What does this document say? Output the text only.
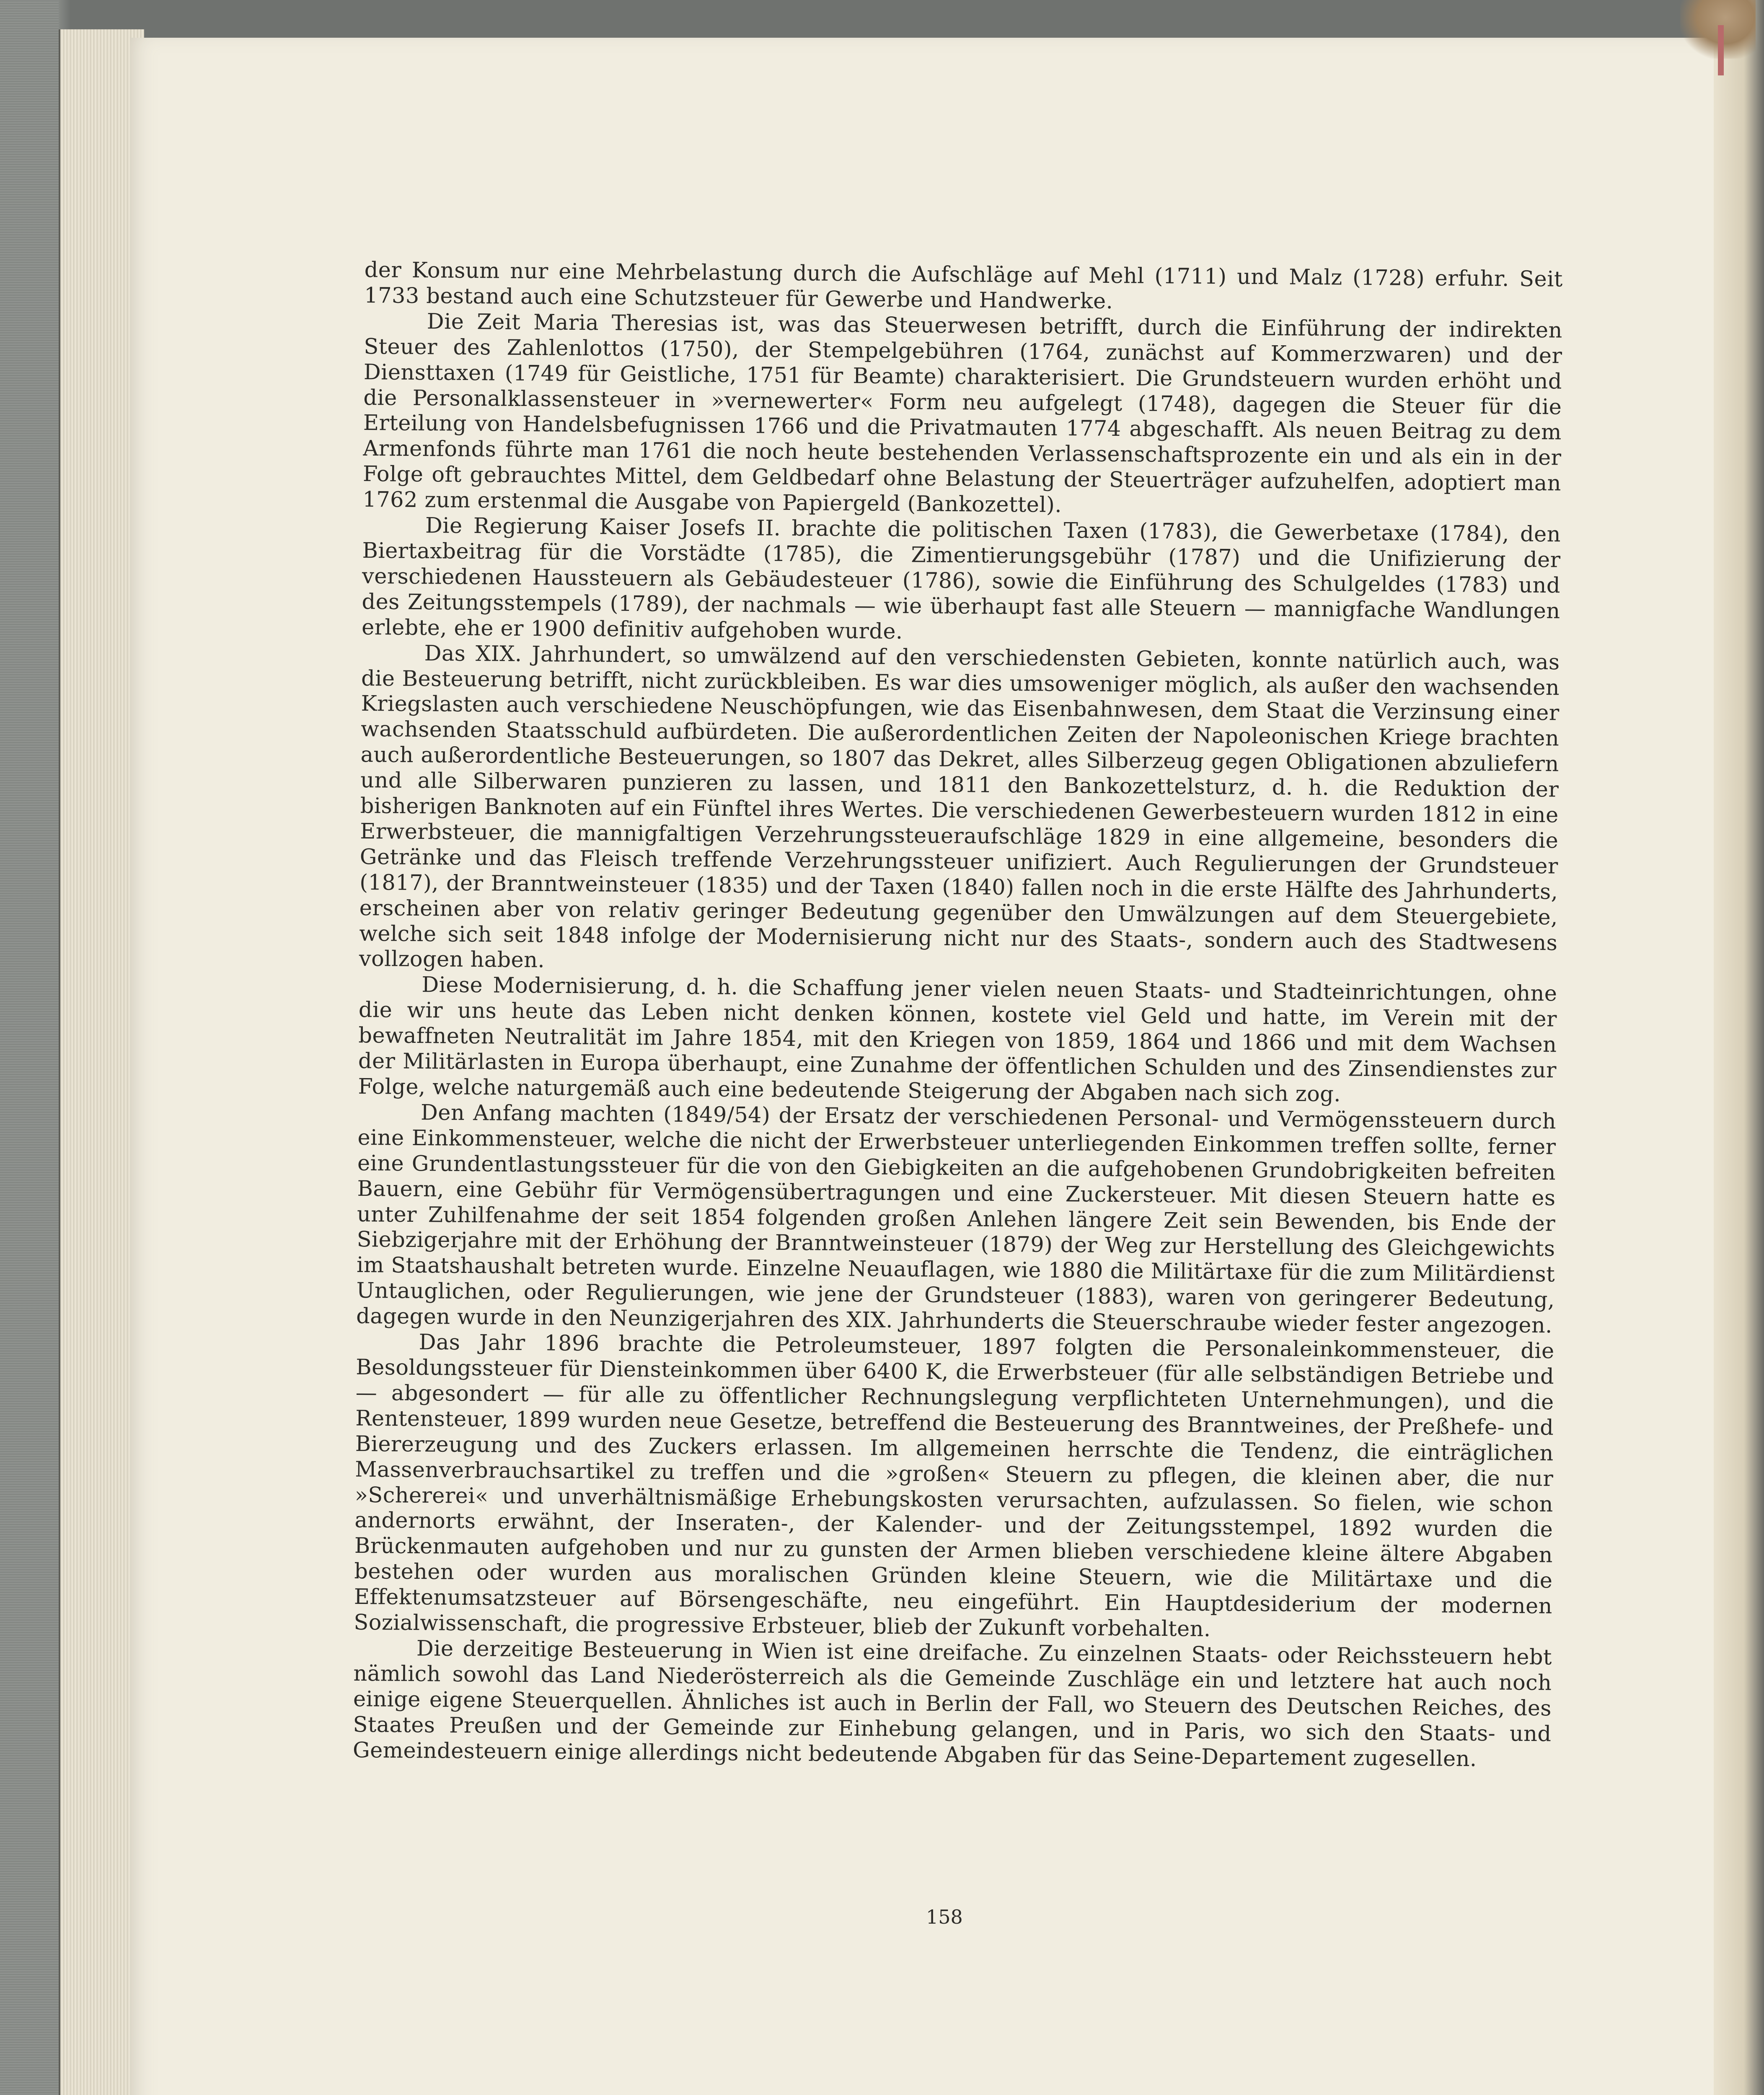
der Konsum nur eine Mehrbelastung durch die Aufschläge auf Mehl (1711) und Malz (1728) erfuhr. Seit 1733 bestand auch eine Schutzsteuer für Gewerbe und Handwerke.

Die Zeit Maria Theresias ist, was das Steuerwesen betrifft, durch die Einführung der indirekten Steuer des Zahlenlottos (1750), der Stempelgebühren (1764, zunächst auf Kommerzwaren) und der Diensttaxen (1749 für Geistliche, 1751 für Beamte) charakterisiert. Die Grundsteuern wurden erhöht und die Personalklassensteuer in »vernewerter« Form neu aufgelegt (1748), dagegen die Steuer für die Erteilung von Handelsbefugnissen 1766 und die Privatmauten 1774 abgeschafft. Als neuen Beitrag zu dem Armenfonds führte man 1761 die noch heute bestehenden Verlassenschaftsprozente ein und als ein in der Folge oft gebrauchtes Mittel, dem Geldbedarf ohne Belastung der Steuerträger aufzuhelfen, adoptiert man 1762 zum erstenmal die Ausgabe von Papiergeld (Bankozettel).

Die Regierung Kaiser Josefs II. brachte die politischen Taxen (1783), die Gewerbetaxe (1784), den Biertaxbeitrag für die Vorstädte (1785), die Zimentierungsgebühr (1787) und die Unifizierung der verschiedenen Haussteuern als Gebäudesteuer (1786), sowie die Einführung des Schulgeldes (1783) und des Zeitungsstempels (1789), der nachmals — wie überhaupt fast alle Steuern — mannigfache Wandlungen erlebte, ehe er 1900 definitiv aufgehoben wurde.

Das XIX. Jahrhundert, so umwälzend auf den verschiedensten Gebieten, konnte natürlich auch, was die Besteuerung betrifft, nicht zurückbleiben. Es war dies umsoweniger möglich, als außer den wachsenden Kriegslasten auch verschiedene Neuschöpfungen, wie das Eisenbahnwesen, dem Staat die Verzinsung einer wachsenden Staatsschuld aufbürdeten. Die außerordentlichen Zeiten der Napoleonischen Kriege brachten auch außerordentliche Besteuerungen, so 1807 das Dekret, alles Silberzeug gegen Obligationen abzuliefern und alle Silberwaren punzieren zu lassen, und 1811 den Bankozettelsturz, d. h. die Reduktion der bisherigen Banknoten auf ein Fünftel ihres Wertes. Die verschiedenen Gewerbesteuern wurden 1812 in eine Erwerbsteuer, die mannigfaltigen Verzehrungssteueraufschläge 1829 in eine allgemeine, besonders die Getränke und das Fleisch treffende Verzehrungssteuer unifiziert. Auch Regulierungen der Grundsteuer (1817), der Branntweinsteuer (1835) und der Taxen (1840) fallen noch in die erste Hälfte des Jahrhunderts, erscheinen aber von relativ geringer Bedeutung gegenüber den Umwälzungen auf dem Steuergebiete, welche sich seit 1848 infolge der Modernisierung nicht nur des Staats-, sondern auch des Stadtwesens vollzogen haben.

Diese Modernisierung, d. h. die Schaffung jener vielen neuen Staats- und Stadteinrichtungen, ohne die wir uns heute das Leben nicht denken können, kostete viel Geld und hatte, im Verein mit der bewaffneten Neutralität im Jahre 1854, mit den Kriegen von 1859, 1864 und 1866 und mit dem Wachsen der Militärlasten in Europa überhaupt, eine Zunahme der öffentlichen Schulden und des Zinsendienstes zur Folge, welche naturgemäß auch eine bedeutende Steigerung der Abgaben nach sich zog.

Den Anfang machten (1849/54) der Ersatz der verschiedenen Personal- und Vermögenssteuern durch eine Einkommensteuer, welche die nicht der Erwerbsteuer unterliegenden Einkommen treffen sollte, ferner eine Grundentlastungssteuer für die von den Giebigkeiten an die aufgehobenen Grundobrigkeiten befreiten Bauern, eine Gebühr für Vermögensübertragungen und eine Zuckersteuer. Mit diesen Steuern hatte es unter Zuhilfenahme der seit 1854 folgenden großen Anlehen längere Zeit sein Bewenden, bis Ende der Siebzigerjahre mit der Erhöhung der Branntweinsteuer (1879) der Weg zur Herstellung des Gleichgewichts im Staatshaushalt betreten wurde. Einzelne Neuauflagen, wie 1880 die Militärtaxe für die zum Militärdienst Untauglichen, oder Regulierungen, wie jene der Grundsteuer (1883), waren von geringerer Bedeutung, dagegen wurde in den Neunzigerjahren des XIX. Jahrhunderts die Steuerschraube wieder fester angezogen.

Das Jahr 1896 brachte die Petroleumsteuer, 1897 folgten die Personaleinkommensteuer, die Besoldungssteuer für Diensteinkommen über 6400 K, die Erwerbsteuer (für alle selbständigen Betriebe und — abgesondert — für alle zu öffentlicher Rechnungslegung verpflichteten Unternehmungen), und die Rentensteuer, 1899 wurden neue Gesetze, betreffend die Besteuerung des Branntweines, der Preßhefe- und Biererzeugung und des Zuckers erlassen. Im allgemeinen herrschte die Tendenz, die einträglichen Massenverbrauchsartikel zu treffen und die »großen« Steuern zu pflegen, die kleinen aber, die nur »Schererei« und unverhältnismäßige Erhebungskosten verursachten, aufzulassen. So fielen, wie schon andernorts erwähnt, der Inseraten-, der Kalender- und der Zeitungsstempel, 1892 wurden die Brückenmauten aufgehoben und nur zu gunsten der Armen blieben verschiedene kleine ältere Abgaben bestehen oder wurden aus moralischen Gründen kleine Steuern, wie die Militärtaxe und die Effektenumsatzsteuer auf Börsengeschäfte, neu eingeführt. Ein Hauptdesiderium der modernen Sozialwissenschaft, die progressive Erbsteuer, blieb der Zukunft vorbehalten.

Die derzeitige Besteuerung in Wien ist eine dreifache. Zu einzelnen Staats- oder Reichssteuern hebt nämlich sowohl das Land Niederösterreich als die Gemeinde Zuschläge ein und letztere hat auch noch einige eigene Steuerquellen. Ähnliches ist auch in Berlin der Fall, wo Steuern des Deutschen Reiches, des Staates Preußen und der Gemeinde zur Einhebung gelangen, und in Paris, wo sich den Staats- und Gemeindesteuern einige allerdings nicht bedeutende Abgaben für das Seine-Departement zugesellen.

158
